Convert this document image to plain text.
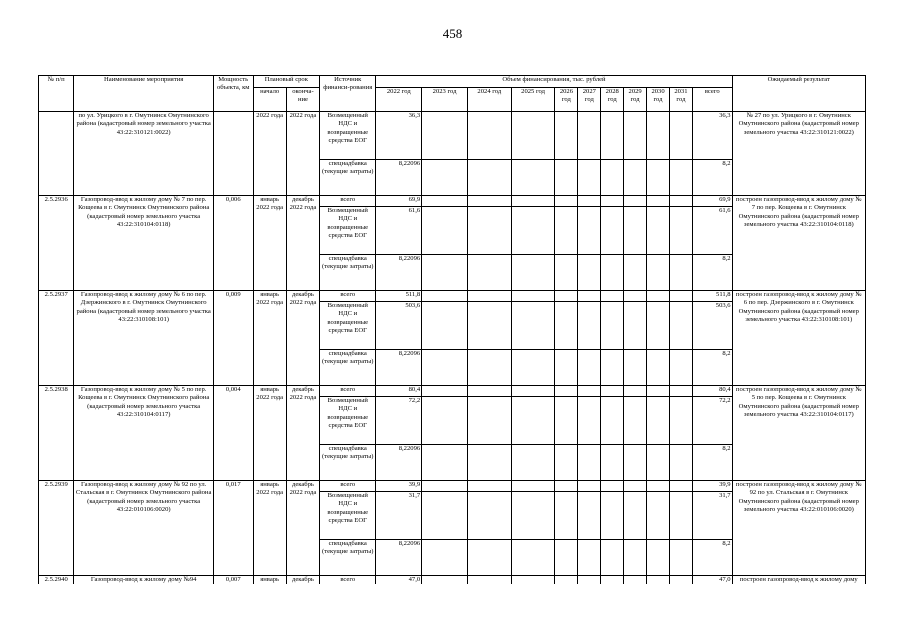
458
№ п/п	Наименование мероприятия	Мощность объекта, км	Плановый срок		Источник финанси-рования	Объем финансирования, тыс. рублей											Ожидаемый результат
			начало	оконча-ние		2022 год	2023 год	2024 год	2025 год	2026 год	2027 год	2028 год	2029 год	2030 год	2031 год	всего	
	по ул. Урицкого в г. Омутнинск Омутнинского района (кадастровый номер земельного участка 43:22:310121:0022)		2022 года	2022 года	Возмещенный НДС и возвращенные средства ЕОГ	36,3										36,3	№ 27 по ул. Урицкого в г. Омутнинск Омутнинского района (кадастровый номер земельного участка 43:22:310121:0022)
					спецнадбавка (текущие затраты)	8,22096										8,2	
2.5.2936	Газопровод-ввод к жилому дому № 7 по пер. Кощеева в г. Омутнинск Омутнинского района (кадастровый номер земельного участка 43:22:310104:0118)	0,006	январь 2022 года	декабрь 2022 года	всего	69,9										69,9	построен газопровод-ввод к жилому дому № 7 по пер. Кощеева в г. Омутнинск Омутнинского района (кадастровый номер земельного участка 43:22:310104:0118)
					Возмещенный НДС и возвращенные средства ЕОГ	61,6										61,6	
					спецнадбавка (текущие затраты)	8,22096										8,2	
2.5.2937	Газопровод-ввод к жилому дому № 6 по пер. Дзержинского в г. Омутнинск Омутнинского района (кадастровый номер земельного участка 43:22:310108:101)	0,009	январь 2022 года	декабрь 2022 года	всего	511,8										511,8	построен газопровод-ввод к жилому дому № 6 по пер. Дзержинского в г. Омутнинск Омутнинского района (кадастровый номер земельного участка 43:22:310108:101)
					Возмещенный НДС и возвращенные средства ЕОГ	503,6										503,6	
					спецнадбавка (текущие затраты)	8,22096										8,2	
2.5.2938	Газопровод-ввод к жилому дому № 5 по пер. Кощеева в г. Омутнинск Омутнинского района (кадастровый номер земельного участка 43:22:310104:0117)	0,004	январь 2022 года	декабрь 2022 года	всего	80,4										80,4	построен газопровод-ввод к жилому дому № 5 по пер. Кощеева в г. Омутнинск Омутнинского района (кадастровый номер земельного участка 43:22:310104:0117)
					Возмещенный НДС и возвращенные средства ЕОГ	72,2										72,2	
					спецнадбавка (текущие затраты)	8,22096										8,2	
2.5.2939	Газопровод-ввод к жилому дому № 92 по ул. Стальская в г. Омутнинск Омутнинского района (кадастровый номер земельного участка 43:22:010106:0020)	0,017	январь 2022 года	декабрь 2022 года	всего	39,9										39,9	построен газопровод-ввод к жилому дому № 92 по ул. Стальская в г. Омутнинск Омутнинского района (кадастровый номер земельного участка 43:22:010106:0020)
					Возмещенный НДС и возвращенные средства ЕОГ	31,7										31,7	
					спецнадбавка (текущие затраты)	8,22096										8,2	
2.5.2940	Газопровод-ввод к жилому дому №94	0,007	январь	декабрь	всего	47,0										47,0	построен газопровод-ввод к жилому дому
